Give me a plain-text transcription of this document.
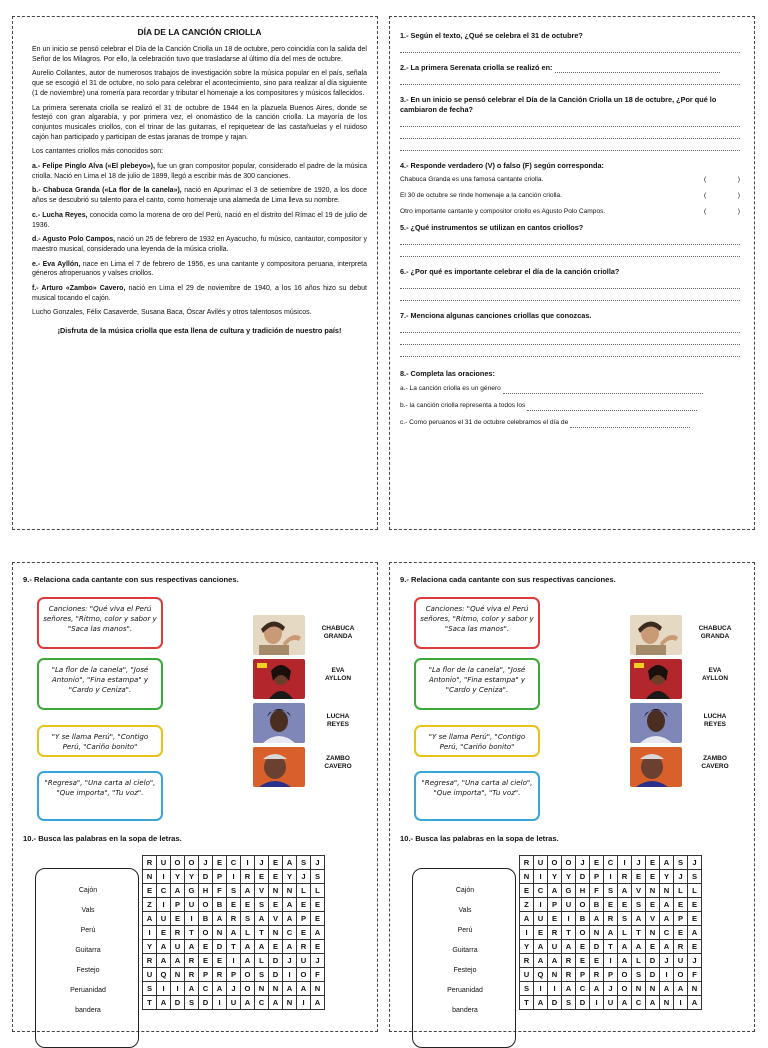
DÍA DE LA CANCIÓN CRIOLLA

En un inicio se pensó celebrar el Día de la Canción Criolla un 18 de octubre, pero coincidía con la salida del Señor de los Milagros. Por ello, la celebración tuvo que trasladarse al último día del mes de octubre.

Aurelio Collantes, autor de numerosos trabajos de investigación sobre la música popular en el país, señala que se escogió el 31 de octubre, no solo para celebrar el acontecimiento, sino para realizar al día siguiente (1 de noviembre) una romería para recordar y tributar el homenaje a los compositores y músicos fallecidos.

La primera serenata criolla se realizó el 31 de octubre de 1944 en la plazuela Buenos Aires, donde se festejó con gran algarabía, y por primera vez, el onomástico de la canción criolla. La mayoría de los conjuntos musicales criollos, con el trinar de las guitarras, el repiquetear de las castañuelas y el ruidoso cajón han participado y participan de estas jaranas de trompe y rajan.

Los cantantes criollos más conocidos son:

a.- Felipe Pinglo Alva («El plebeyo»), fue un gran compositor popular, considerado el padre de la música criolla. Nació en Lima el 18 de julio de 1899, llegó a escribir más de 300 canciones.

b.- Chabuca Granda («La flor de la canela»), nació en Apurímac el 3 de setiembre de 1920, a los doce años se descubrió su talento para el canto, como homenaje una alameda de Lima lleva su nombre.

c.- Lucha Reyes, conocida como la morena de oro del Perú, nació en el distrito del Rímac el 19 de julio de 1936.

d.- Agusto Polo Campos, nació un 25 de febrero de 1932 en Ayacucho, fu músico, cantautor, compositor y maestro musical, considerado una leyenda de la música criolla.

e.- Eva Ayllón, nace en Lima el 7 de febrero de 1956, es una cantante y compositora peruana, interpreta géneros afroperuanos y valses criollos.

f.- Arturo «Zambo» Cavero, nació en Lima el 29 de noviembre de 1940, a los 16 años hizo su debut musical tocando el cajón.

Lucho Gonzales, Félix Casaverde, Susana Baca, Óscar Avilés y otros talentosos músicos.

¡Disfruta de la música criolla que esta llena de cultura y tradición de nuestro país!
1.- Según el texto, ¿Qué se celebra el 31 de octubre?
2.- La primera Serenata criolla se realizó en:
3.- En un inicio se pensó celebrar el Día de la Canción Criolla un 18 de octubre, ¿Por qué lo cambiaron de fecha?
4.- Responde verdadero (V) o falso (F) según corresponda:
Chabuca Granda es una famosa cantante criolla.	(	)
El 30 de octubre se rinde homenaje a la canción criolla.	(	)
Otro importante cantante y compositor criollo es Agusto Polo Campos.	(	)
5.- ¿Qué instrumentos se utilizan en cantos criollos?
6.- ¿Por qué es importante celebrar el día de la canción criolla?
7.- Menciona algunas canciones criollas que conozcas.
8.- Completa las oraciones:
a.- La canción criolla es un género
b.- la canción criolla representa a todos los
c.- Como peruanos el 31 de octubre celebramos el día de
9.- Relaciona cada cantante con sus respectivas canciones.
Canciones: "Qué viva el Perú señores, "Ritmo, color y sabor y "Saca las manos".
"La flor de la canela", "José Antonio", "Fina estampa" y "Cardo y Ceniza".
"Y se llama Perú", "Contigo Perú, "Cariño bonito"
"Regresa", "Una carta al cielo", "Que importa", "Tu voz".
CHABUCA
GRANDA
EVA
AYLLON
LUCHA
REYES
ZAMBO
CAVERO
10.- Busca las palabras en la sopa de letras.
Cajón
Vals
Perú
Guitarra
Festejo
Peruanidad
bandera
R	U	O	O	J	E	C	I	J	E	A	S	J
N	I	Y	Y	D	P	I	R	E	E	Y	J	S
E	C	A	G	H	F	S	A	V	N	N	L	L
Z	I	P	U	O	B	E	E	S	E	A	E	E
A	U	E	I	B	A	R	S	A	V	A	P	E
I	E	R	T	O	N	A	L	T	N	C	E	A
Y	A	U	A	E	D	T	A	A	E	A	R	E
R	A	A	R	E	E	I	A	L	D	J	U	J
U	Q	N	R	P	R	P	O	S	D	I	O	F
S	I	I	A	C	A	J	O	N	N	A	A	N
T	A	D	S	D	I	U	A	C	A	N	I	A
9.- Relaciona cada cantante con sus respectivas canciones.
Canciones: "Qué viva el Perú señores, "Ritmo, color y sabor y "Saca las manos".
"La flor de la canela", "José Antonio", "Fina estampa" y "Cardo y Ceniza".
"Y se llama Perú", "Contigo Perú, "Cariño bonito"
"Regresa", "Una carta al cielo", "Que importa", "Tu voz".
CHABUCA
GRANDA
EVA
AYLLON
LUCHA
REYES
ZAMBO
CAVERO
10.- Busca las palabras en la sopa de letras.
Cajón
Vals
Perú
Guitarra
Festejo
Peruanidad
bandera
R	U	O	O	J	E	C	I	J	E	A	S	J
N	I	Y	Y	D	P	I	R	E	E	Y	J	S
E	C	A	G	H	F	S	A	V	N	N	L	L
Z	I	P	U	O	B	E	E	S	E	A	E	E
A	U	E	I	B	A	R	S	A	V	A	P	E
I	E	R	T	O	N	A	L	T	N	C	E	A
Y	A	U	A	E	D	T	A	A	E	A	R	E
R	A	A	R	E	E	I	A	L	D	J	U	J
U	Q	N	R	P	R	P	O	S	D	I	O	F
S	I	I	A	C	A	J	O	N	N	A	A	N
T	A	D	S	D	I	U	A	C	A	N	I	A
